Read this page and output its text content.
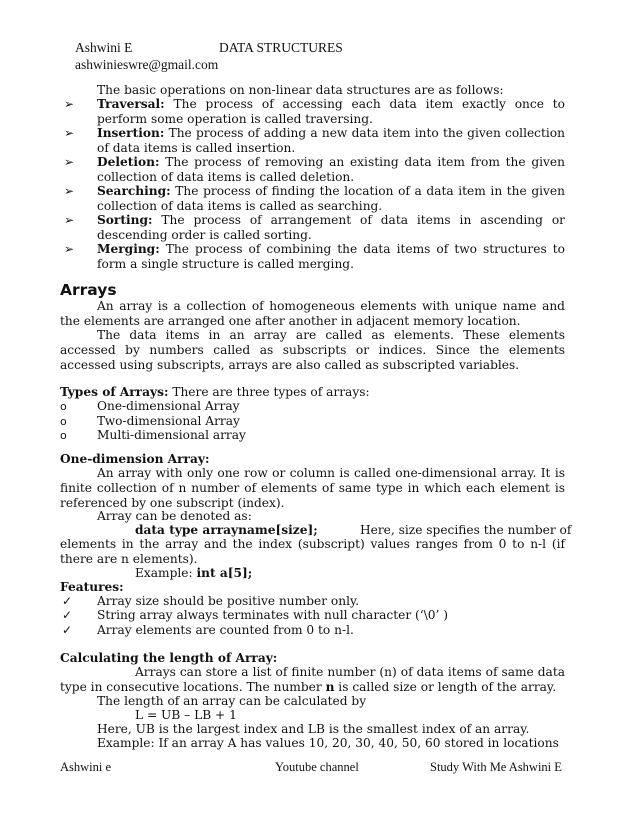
Ashwini E	DATA STRUCTURES
ashwinieswre@gmail.com
The basic operations on non-linear data structures are as follows:
➢ Traversal: The process of accessing each data item exactly once to perform some operation is called traversing.
➢ Insertion: The process of adding a new data item into the given collection of data items is called insertion.
➢ Deletion: The process of removing an existing data item from the given collection of data items is called deletion.
➢ Searching: The process of finding the location of a data item in the given collection of data items is called as searching.
➢ Sorting: The process of arrangement of data items in ascending or descending order is called sorting.
➢ Merging: The process of combining the data items of two structures to form a single structure is called merging.
Arrays
An array is a collection of homogeneous elements with unique name and the elements are arranged one after another in adjacent memory location.
The data items in an array are called as elements. These elements accessed by numbers called as subscripts or indices. Since the elements accessed using subscripts, arrays are also called as subscripted variables.
Types of Arrays: There are three types of arrays:
o One-dimensional Array
o Two-dimensional Array
o Multi-dimensional array
One-dimension Array:
An array with only one row or column is called one-dimensional array. It is finite collection of n number of elements of same type in which each element is referenced by one subscript (index).
Array can be denoted as:
data type arrayname[size];	Here, size specifies the number of
elements in the array and the index (subscript) values ranges from 0 to n-l (if there are n elements).
Example: int a[5];
Features:
✓ Array size should be positive number only.
✓ String array always terminates with null character (‘\0’ )
✓ Array elements are counted from 0 to n-l.
Calculating the length of Array:
Arrays can store a list of finite number (n) of data items of same data type in consecutive locations. The number n is called size or length of the array.
The length of an array can be calculated by
L = UB – LB + 1
Here, UB is the largest index and LB is the smallest index of an array.
Example: If an array A has values 10, 20, 30, 40, 50, 60 stored in locations
Ashwini e	Youtube channel	Study With Me Ashwini E
